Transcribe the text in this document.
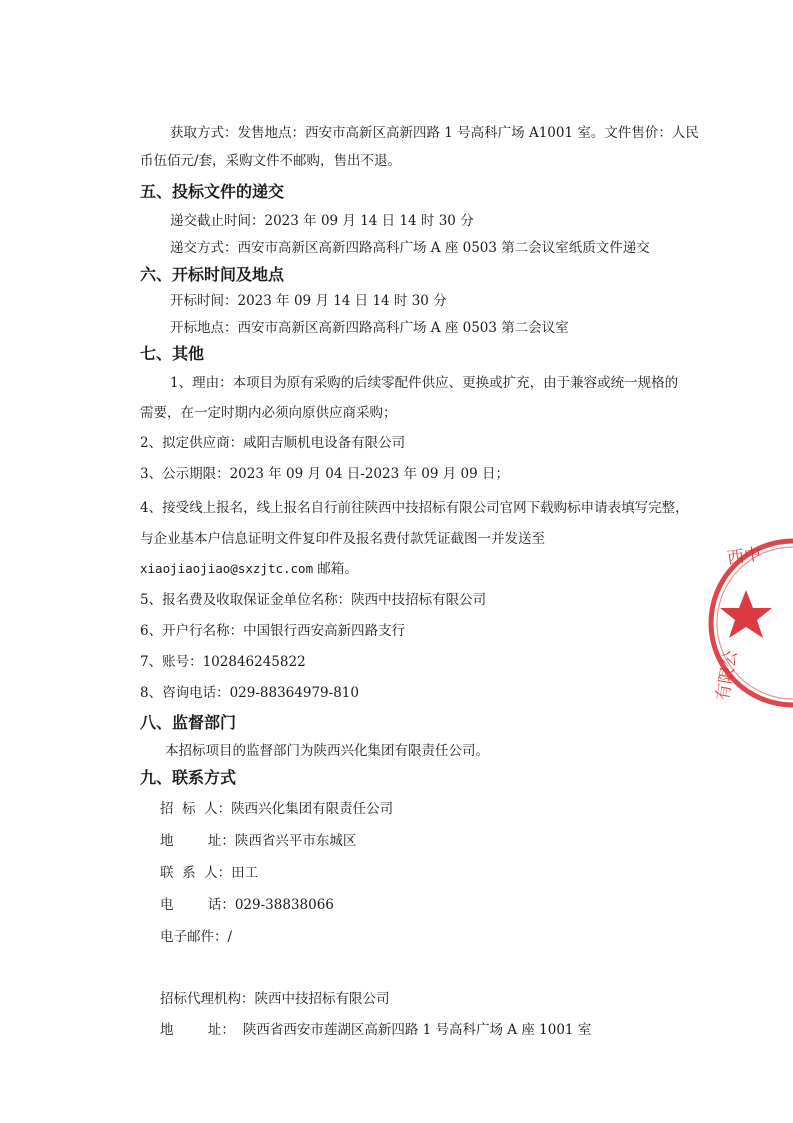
获取方式：发售地点：西安市高新区高新四路 1 号高科广场 A1001 室。文件售价：人民
币伍佰元/套，采购文件不邮购，售出不退。
五、投标文件的递交
递交截止时间：2023 年 09 月 14 日 14 时 30 分
递交方式：西安市高新区高新四路高科广场 A 座 0503 第二会议室纸质文件递交
六、开标时间及地点
开标时间：2023 年 09 月 14 日 14 时 30 分
开标地点：西安市高新区高新四路高科广场 A 座 0503 第二会议室
七、其他
1、理由：本项目为原有采购的后续零配件供应、更换或扩充，由于兼容或统一规格的
需要，在一定时期内必须向原供应商采购；
2、拟定供应商：咸阳吉顺机电设备有限公司
3、公示期限：2023 年 09 月 04 日-2023 年 09 月 09 日；
4、接受线上报名，线上报名自行前往陕西中技招标有限公司官网下载购标申请表填写完整，
与企业基本户信息证明文件复印件及报名费付款凭证截图一并发送至
xiaojiaojiao@sxzjtc.com 邮箱。
5、报名费及收取保证金单位名称：陕西中技招标有限公司
6、开户行名称：中国银行西安高新四路支行
7、账号：102846245822
8、咨询电话：029-88364979-810
八、监督部门
本招标项目的监督部门为陕西兴化集团有限责任公司。
九、联系方式
招  标  人：陕西兴化集团有限责任公司
地        址：陕西省兴平市东城区
联  系  人：田工
电        话：029-38838066
电子邮件：/
招标代理机构：陕西中技招标有限公司
地        址： 陕西省西安市莲湖区高新四路 1 号高科广场 A 座 1001 室
西中
有限公
